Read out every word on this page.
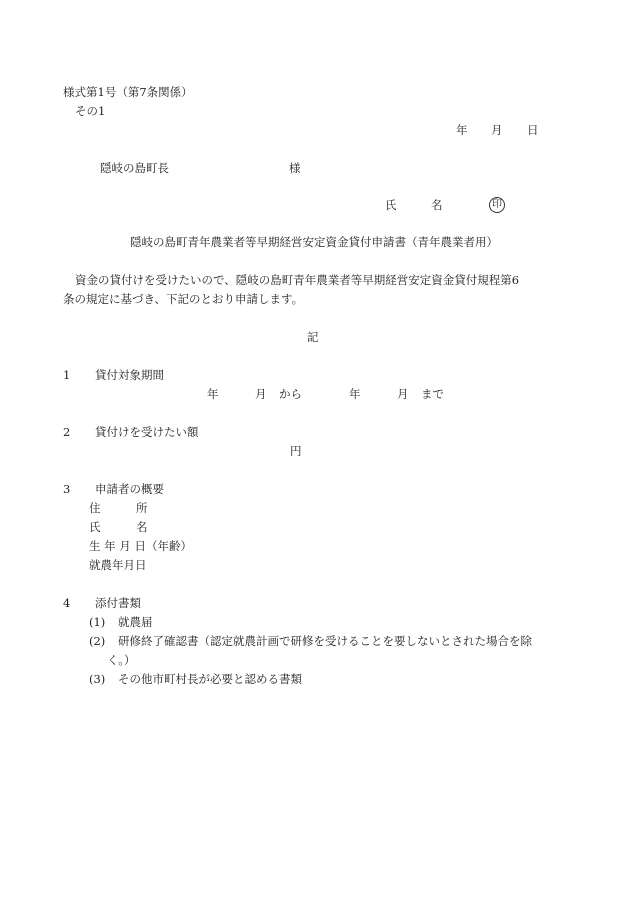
様式第1号（第7条関係）
その1
年 月 日
隠岐の島町長	様
氏	名	印
隠岐の島町青年農業者等早期経営安定資金貸付申請書（青年農業者用）
資金の貸付けを受けたいので、隠岐の島町青年農業者等早期経営安定資金貸付規程第6
条の規定に基づき、下記のとおり申請します。
記
1 貸付対象期間
年	月 から	年	月 まで
2 貸付けを受けたい額
円
3 申請者の概要
住	所
氏	名
生 年 月 日（年齢）
就農年月日
4 添付書類
(1) 就農届
(2) 研修終了確認書（認定就農計画で研修を受けることを要しないとされた場合を除
く。）
(3) その他市町村長が必要と認める書類
